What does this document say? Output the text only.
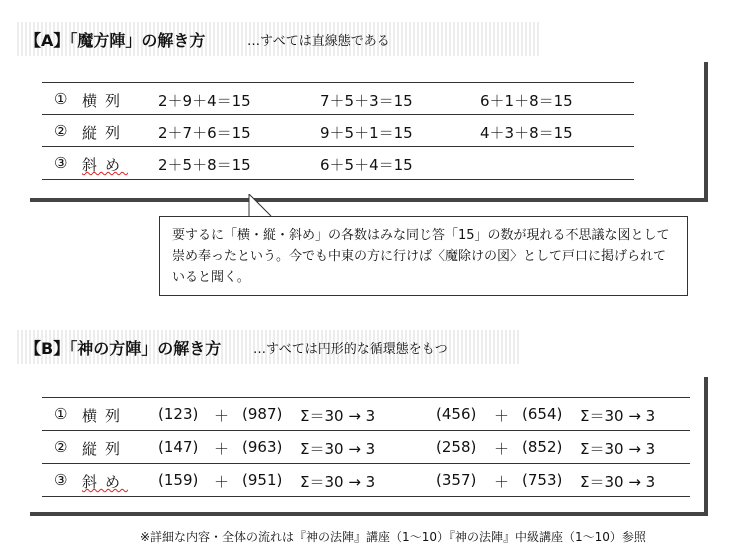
【A】「魔方陣」の解き方	…すべては直線態である
① 横列 2＋9＋4＝15	7＋5＋3＝15	6＋1＋8＝15
② 縦列 2＋7＋6＝15	9＋5＋1＝15	4＋3＋8＝15
③ 斜め 2＋5＋8＝15	6＋5＋4＝15
要するに「横・縦・斜め」の各数はみな同じ答「15」の数が現れる不思議な図として崇め奉ったという。今でも中東の方に行けば〈魔除けの図〉として戸口に掲げられていると聞く。
【B】「神の方陣」の解き方 …すべては円形的な循環態をもつ
① 横列 (123) ＋ (987) Σ＝30 → 3	(456) ＋ (654) Σ＝30 → 3
② 縦列 (147) ＋ (963) Σ＝30 → 3	(258) ＋ (852) Σ＝30 → 3
③ 斜め (159) ＋ (951) Σ＝30 → 3	(357) ＋ (753) Σ＝30 → 3
※詳細な内容・全体の流れは『神の法陣』講座（1〜10）『神の法陣』中級講座（1〜10）参照
